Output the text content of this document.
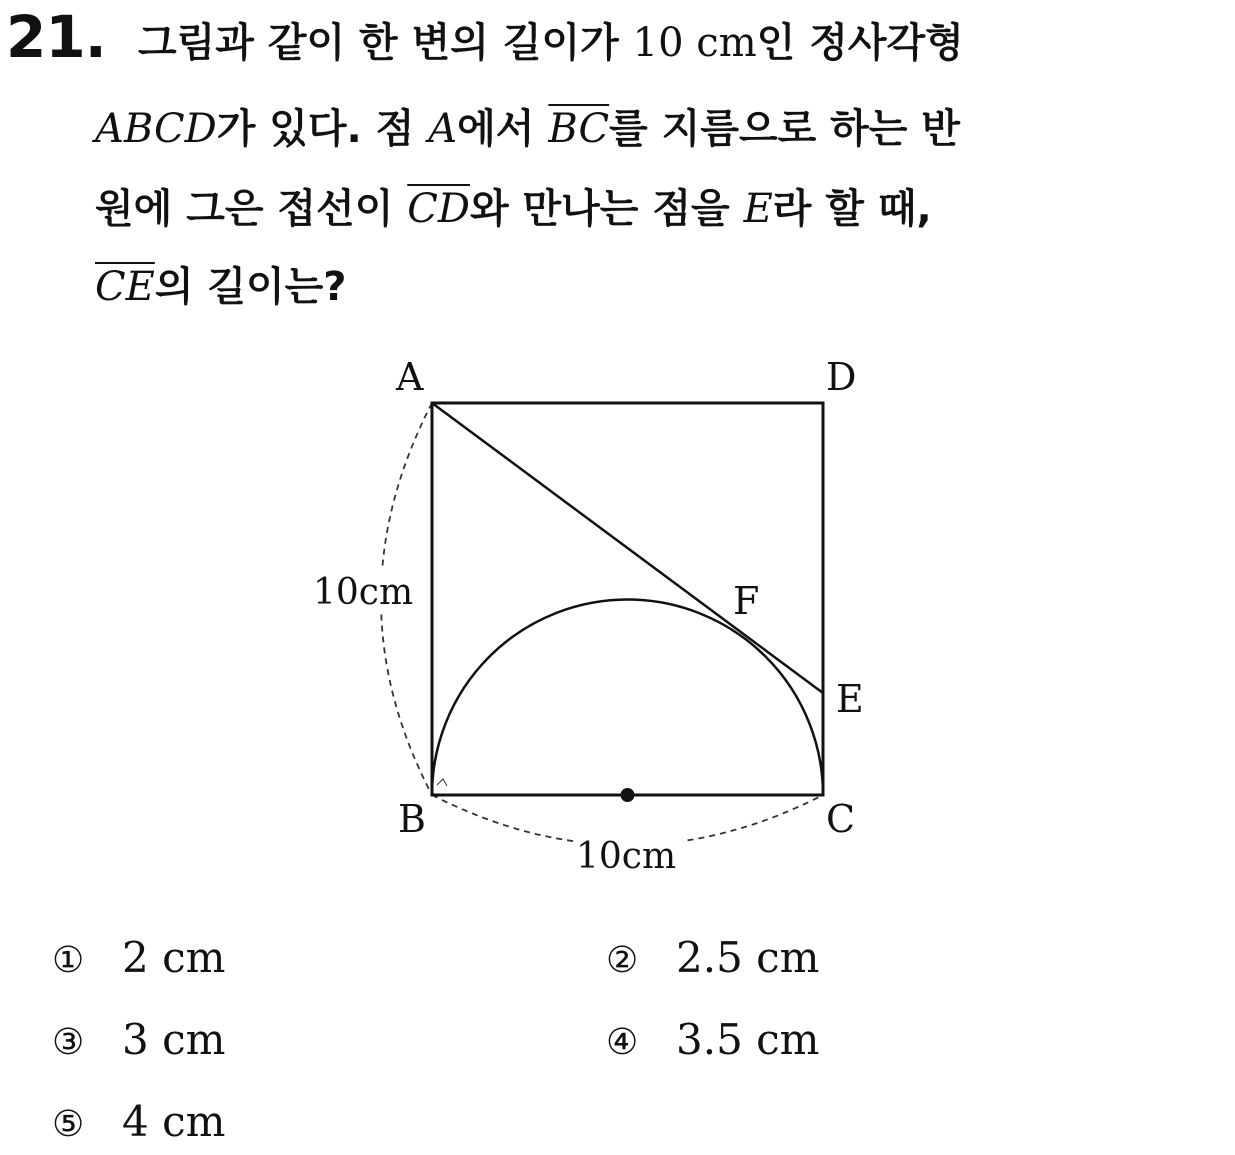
21. 그림과 같이 한 변의 길이가 10 cm인 정사각형
ABCD가 있다. 점 A에서 $\overline{BC}$를 지름으로 하는 반
원에 그은 접선이 $\overline{CD}$와 만나는 점을 E라 할 때,
$\overline{CE}$의 길이는?
A	D
F
E
B	C
10cm
10cm
① 2 cm	② 2.5 cm
③ 3 cm	④ 3.5 cm
⑤ 4 cm
